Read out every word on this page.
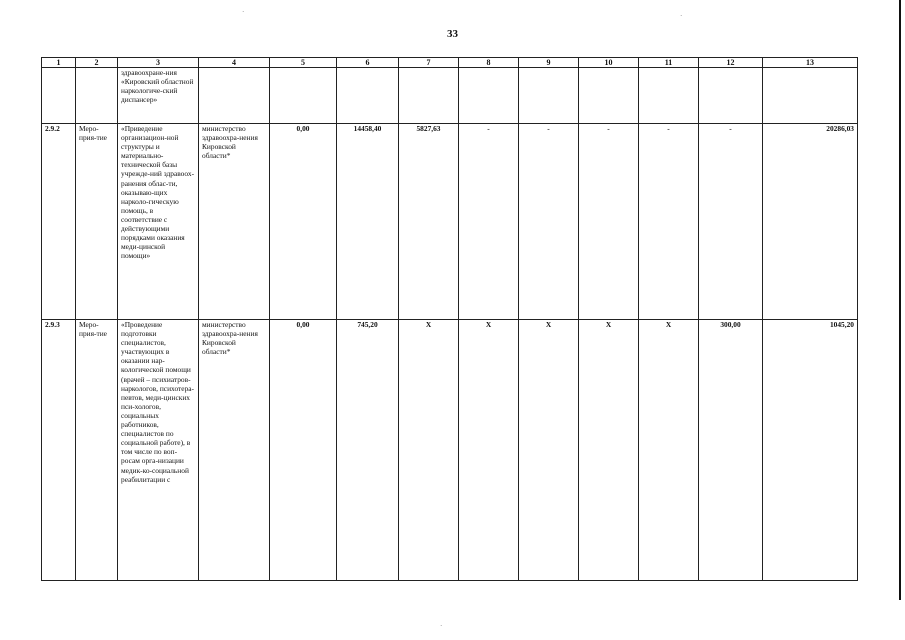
33
1	2	3	4	5	6	7	8	9	10	11	12	13
		здравоохране-ния «Кировский областной наркологиче-ский диспансер»										
2.9.2	Меро-прия-тие	«Приведение организацион-ной структуры и материально-технической базы учрежде-ний здравоох-ранения облас-ти, оказываю-щих нарколо-гическую помощь, в соответствие с действующими порядками оказания меди-цинской помощи»	министерство здравоохра-нения Кировской области*	0,00	14458,40	5827,63	-	-	-	-	-	20286,03
2.9.3	Меро-прия-тие	«Проведение подготовки специалистов, участвующих в оказании нар-кологической помощи (врачей – психиатров-наркологов, психотера-певтов, меди-цинских пси-хологов, социальных работников, специалистов по социальной работе), в том числе по воп-росам орга-низации медик-ко-социальной реабилитации с	министерство здравоохра-нения Кировской области*	0,00	745,20	X	X	X	X	X	300,00	1045,20
·	·
·
